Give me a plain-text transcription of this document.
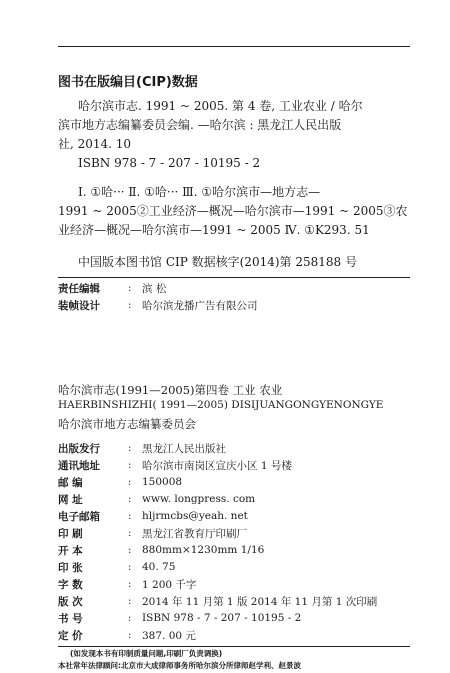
图书在版编目(CIP)数据
哈尔滨市志. 1991 ~ 2005. 第 4 卷, 工业农业 / 哈尔
滨市地方志编纂委员会编. —哈尔滨 : 黑龙江人民出版
社, 2014. 10
ISBN 978 - 7 - 207 - 10195 - 2
Ⅰ. ①哈··· Ⅱ. ①哈··· Ⅲ. ①哈尔滨市—地方志—
1991 ~ 2005②工业经济—概况—哈尔滨市—1991 ~ 2005③农
业经济—概况—哈尔滨市—1991 ~ 2005 Ⅳ. ①K293. 51
中国版本图书馆 CIP 数据核字(2014)第 258188 号
责任编辑	:	滨 松
装帧设计	:	哈尔滨龙播广告有限公司
哈尔滨市志(1991—2005)第四卷 工业 农业
HAERBINSHIZHI( 1991—2005) DISIJUANGONGYENONGYE
哈尔滨市地方志编纂委员会
出版发行	:	黑龙江人民出版社
通讯地址	:	哈尔滨市南岗区宣庆小区 1 号楼
邮 编	:	150008
网 址	:	www. longpress. com
电子邮箱	:	hljrmcbs@yeah. net
印 刷	:	黑龙江省教育厅印刷厂
开 本	:	880mm×1230mm 1/16
印 张	:	40. 75
字 数	:	1 200 千字
版 次	:	2014 年 11 月第 1 版 2014 年 11 月第 1 次印刷
书 号	:	ISBN 978 - 7 - 207 - 10195 - 2
定 价	:	387. 00 元
(如发现本书有印制质量问题,印刷厂负责调换)
本社常年法律顾问:北京市大成律师事务所哈尔滨分所律师赵学利、赵景波
